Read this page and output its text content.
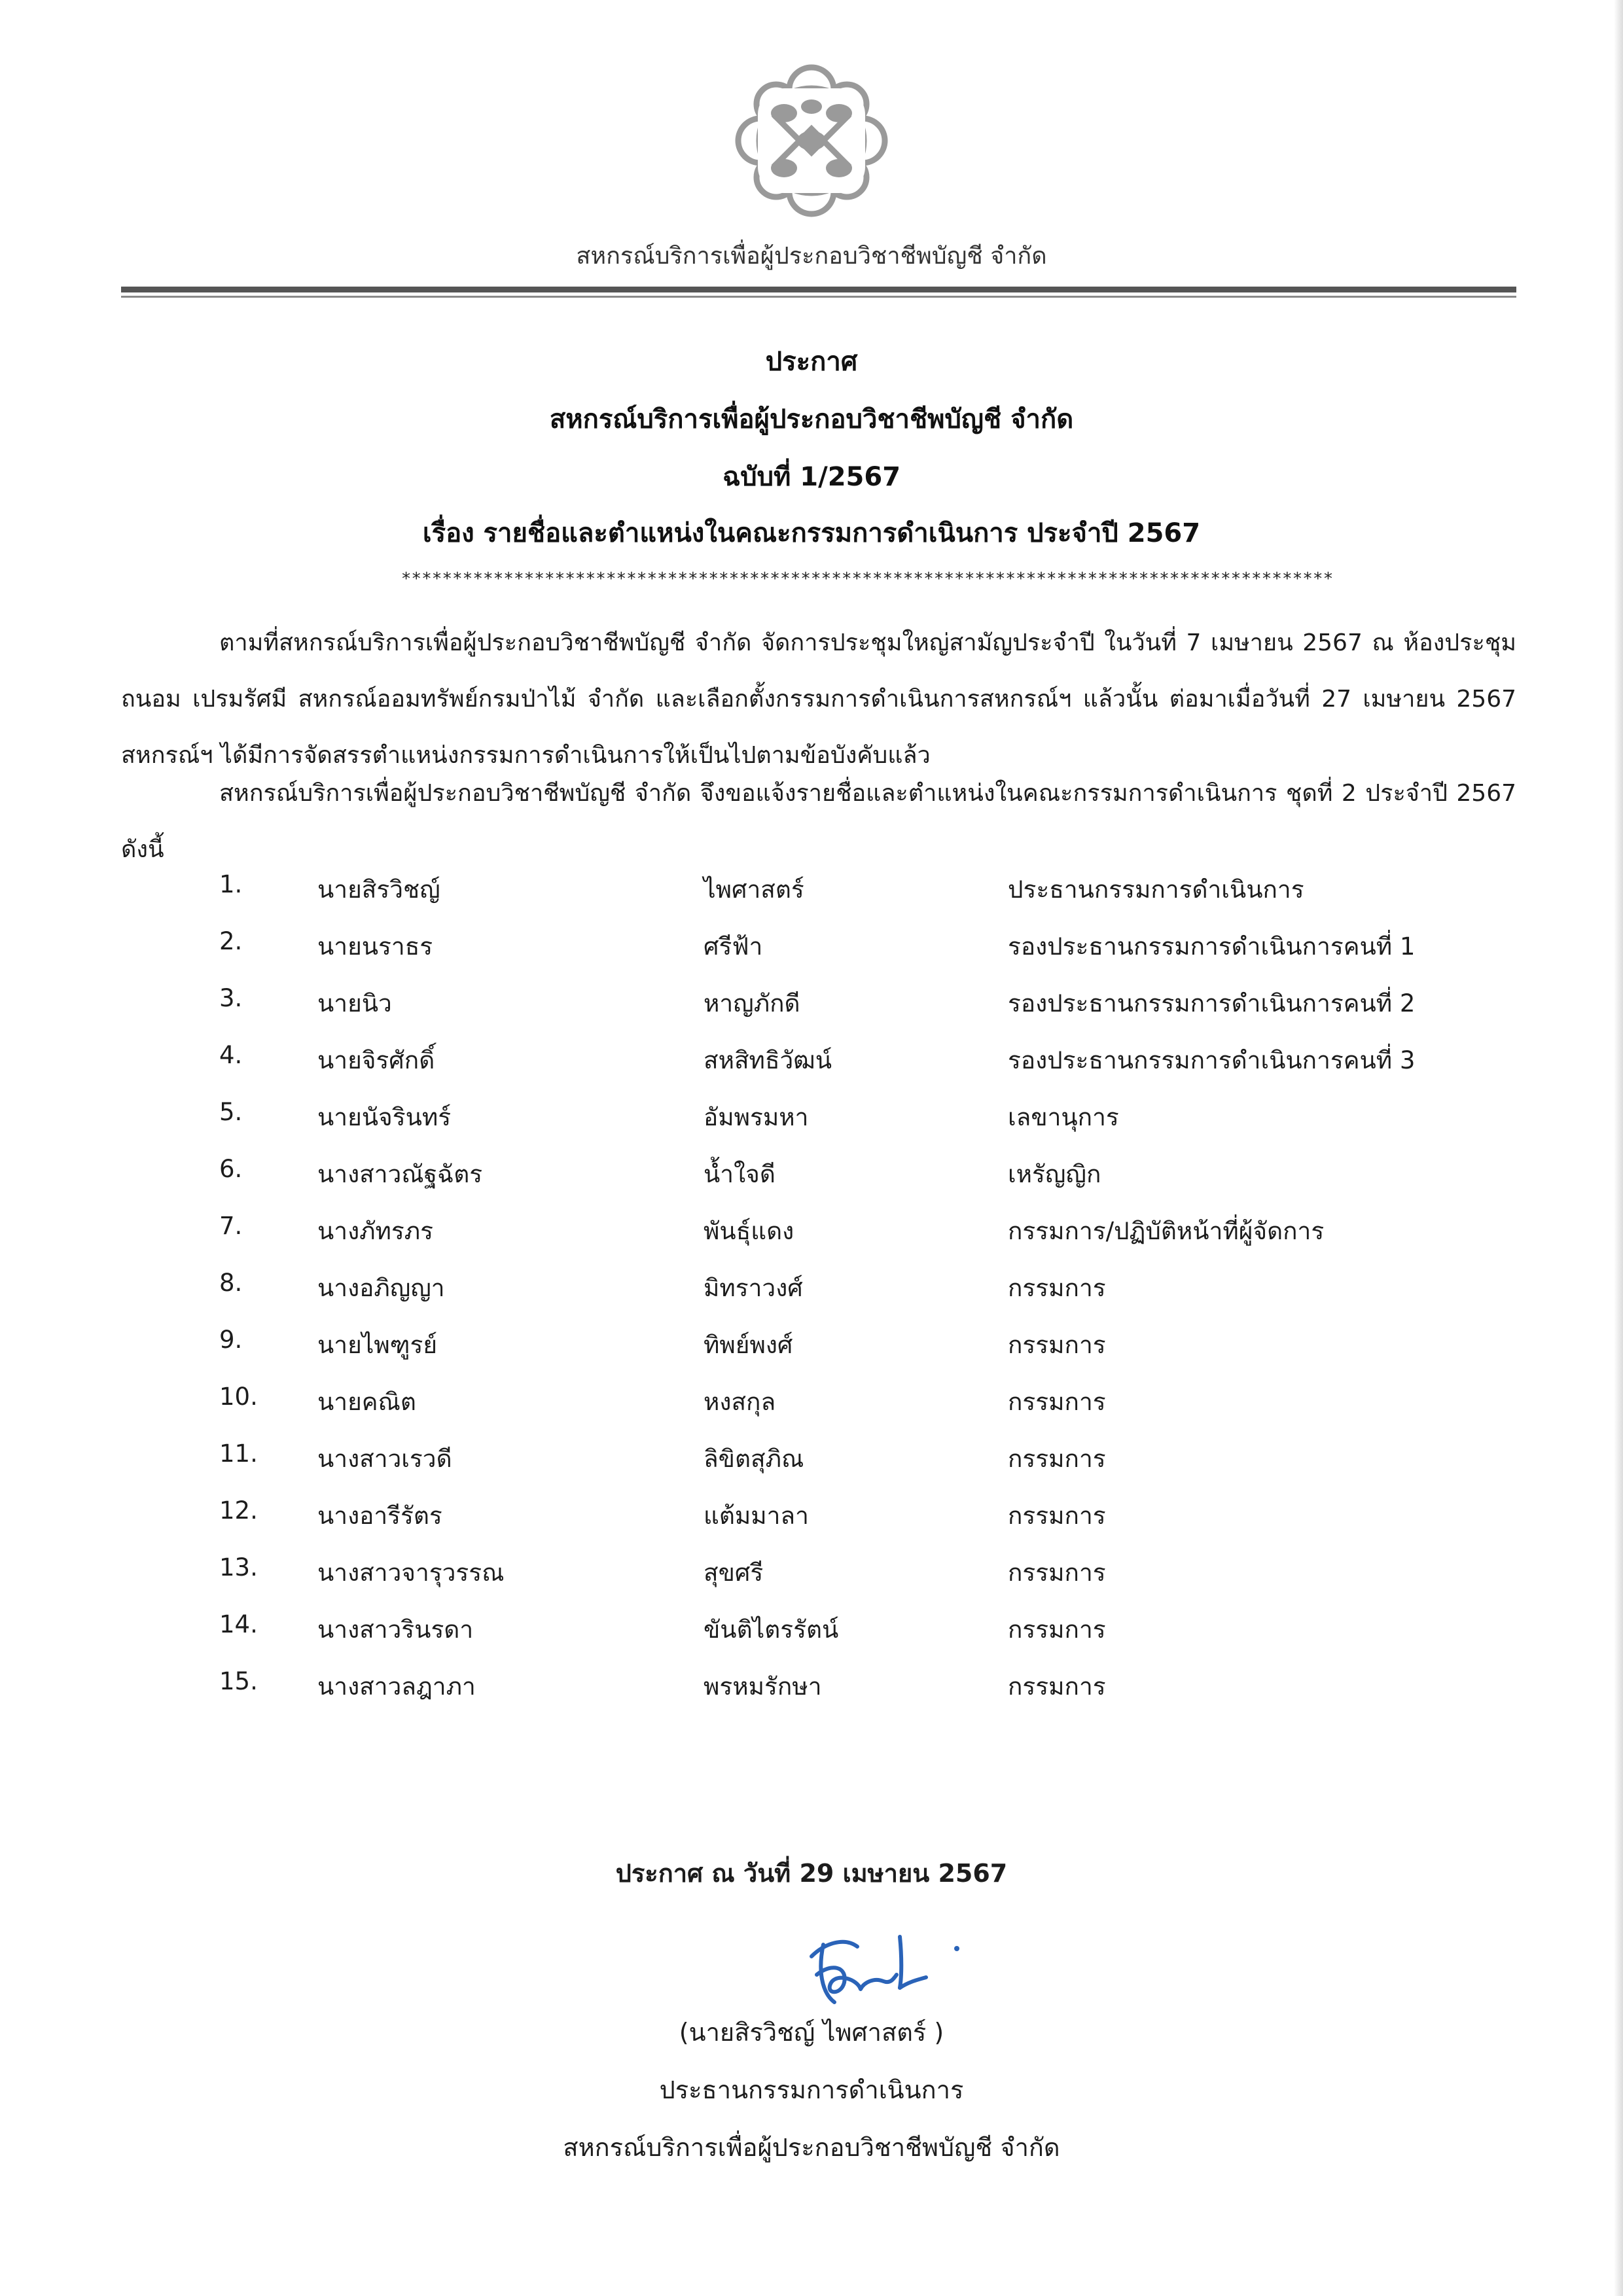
สหกรณ์บริการเพื่อผู้ประกอบวิชาชีพบัญชี จำกัด
ประกาศ
สหกรณ์บริการเพื่อผู้ประกอบวิชาชีพบัญชี จำกัด
ฉบับที่ 1/2567
เรื่อง รายชื่อและตำแหน่งในคณะกรรมการดำเนินการ ประจำปี 2567
*******************************************************************************************
ตามที่สหกรณ์บริการเพื่อผู้ประกอบวิชาชีพบัญชี จำกัด จัดการประชุมใหญ่สามัญประจำปี ในวันที่ 7 เมษายน 2567 ณ ห้องประชุม ถนอม เปรมรัศมี สหกรณ์ออมทรัพย์กรมป่าไม้ จำกัด และเลือกตั้งกรรมการดำเนินการสหกรณ์ฯ แล้วนั้น ต่อมาเมื่อวันที่ 27 เมษายน 2567 สหกรณ์ฯ ได้มีการจัดสรรตำแหน่งกรรมการดำเนินการให้เป็นไปตามข้อบังคับแล้ว
สหกรณ์บริการเพื่อผู้ประกอบวิชาชีพบัญชี จำกัด จึงขอแจ้งรายชื่อและตำแหน่งในคณะกรรมการดำเนินการ ชุดที่ 2 ประจำปี 2567 ดังนี้
1.	นายสิรวิชญ์	ไพศาสตร์	ประธานกรรมการดำเนินการ
2.	นายนราธร	ศรีฟ้า	รองประธานกรรมการดำเนินการคนที่ 1
3.	นายนิว	หาญภักดี	รองประธานกรรมการดำเนินการคนที่ 2
4.	นายจิรศักดิ์	สหสิทธิวัฒน์	รองประธานกรรมการดำเนินการคนที่ 3
5.	นายนัจรินทร์	อัมพรมหา	เลขานุการ
6.	นางสาวณัฐฉัตร	น้ำใจดี	เหรัญญิก
7.	นางภัทรภร	พันธุ์แดง	กรรมการ/ปฏิบัติหน้าที่ผู้จัดการ
8.	นางอภิญญา	มิทราวงศ์	กรรมการ
9.	นายไพฑูรย์	ทิพย์พงศ์	กรรมการ
10. นายคณิต	หงสกุล	กรรมการ
11. นางสาวเรวดี	ลิขิตสุภิณ	กรรมการ
12. นางอารีรัตร	แต้มมาลา	กรรมการ
13. นางสาวจารุวรรณ	สุขศรี	กรรมการ
14. นางสาวรินรดา	ขันติไตรรัตน์	กรรมการ
15. นางสาวลฎาภา	พรหมรักษา	กรรมการ
ประกาศ ณ วันที่ 29 เมษายน 2567
(นายสิรวิชญ์ ไพศาสตร์ )
ประธานกรรมการดำเนินการ
สหกรณ์บริการเพื่อผู้ประกอบวิชาชีพบัญชี จำกัด
